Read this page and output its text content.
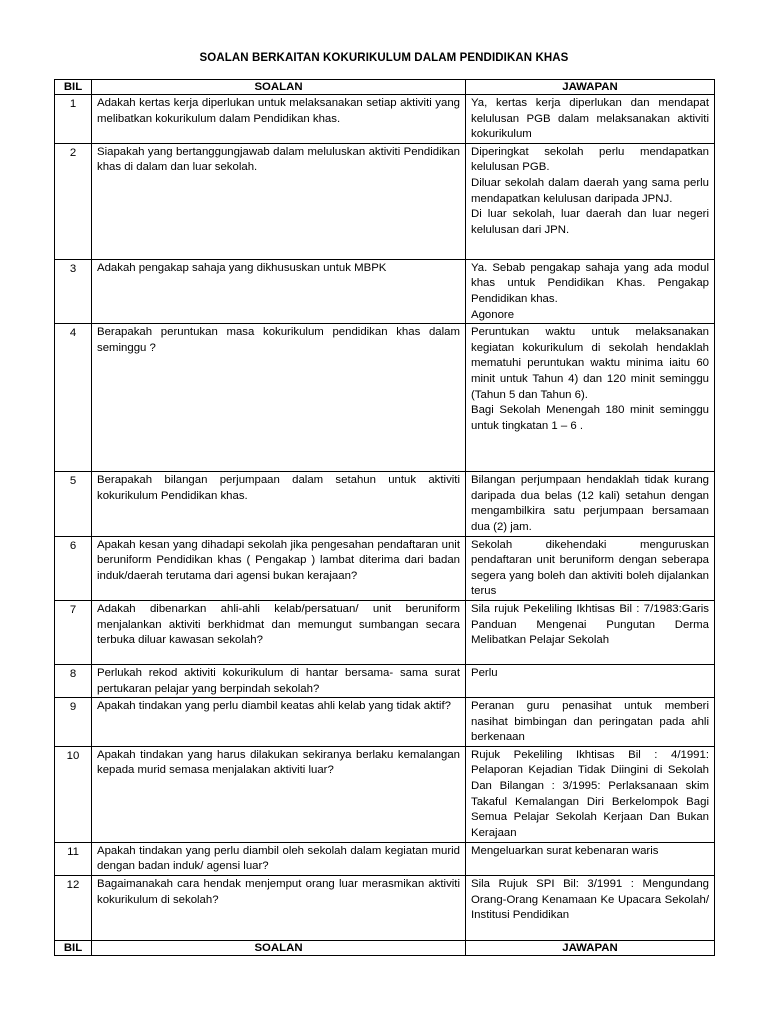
SOALAN BERKAITAN KOKURIKULUM DALAM PENDIDIKAN KHAS
BIL	SOALAN	JAWAPAN
1	Adakah kertas kerja diperlukan untuk melaksanakan setiap aktiviti yang melibatkan kokurikulum dalam Pendidikan khas.	Ya, kertas kerja diperlukan dan mendapat kelulusan PGB dalam melaksanakan aktiviti kokurikulum

2	Siapakah yang bertanggungjawab dalam meluluskan aktiviti Pendidikan khas di dalam dan luar sekolah.	Diperingkat sekolah perlu mendapatkan kelulusan PGB.
Diluar sekolah dalam daerah yang sama perlu mendapatkan kelulusan daripada JPNJ.
Di luar sekolah, luar daerah dan luar negeri kelulusan dari JPN.

3	Adakah pengakap sahaja yang dikhususkan untuk MBPK	Ya. Sebab pengakap sahaja yang ada modul khas untuk Pendidikan Khas. Pengakap Pendidikan khas.
Agonore

4	Berapakah peruntukan masa kokurikulum pendidikan khas dalam seminggu ?	Peruntukan waktu untuk melaksanakan kegiatan kokurikulum di sekolah hendaklah mematuhi peruntukan waktu minima iaitu 60 minit untuk Tahun 4) dan 120 minit seminggu (Tahun 5 dan Tahun 6).
Bagi Sekolah Menengah 180 minit seminggu untuk tingkatan 1 – 6 .

5	Berapakah bilangan perjumpaan dalam setahun untuk aktiviti kokurikulum Pendidikan khas.	Bilangan perjumpaan hendaklah tidak kurang daripada dua belas (12 kali) setahun dengan mengambilkira satu perjumpaan bersamaan dua (2) jam.

6	Apakah kesan yang dihadapi sekolah jika pengesahan pendaftaran unit beruniform Pendidikan khas ( Pengakap ) lambat diterima dari badan induk/daerah terutama dari agensi bukan kerajaan?	Sekolah dikehendaki menguruskan pendaftaran unit beruniform dengan seberapa segera yang boleh dan aktiviti boleh dijalankan terus

7	Adakah dibenarkan ahli-ahli kelab/persatuan/ unit beruniform menjalankan aktiviti berkhidmat dan memungut sumbangan secara terbuka diluar kawasan sekolah?	Sila rujuk Pekeliling Ikhtisas Bil : 7/1983:Garis Panduan Mengenai Pungutan Derma Melibatkan Pelajar Sekolah

8	Perlukah rekod aktiviti kokurikulum di hantar bersama- sama surat pertukaran pelajar yang berpindah sekolah?	Perlu

9	Apakah tindakan yang perlu diambil keatas ahli kelab yang tidak aktif?	Peranan guru penasihat untuk memberi nasihat bimbingan dan peringatan pada ahli berkenaan

10	Apakah tindakan yang harus dilakukan sekiranya berlaku kemalangan kepada murid semasa menjalakan aktiviti luar?	Rujuk Pekeliling Ikhtisas Bil : 4/1991: Pelaporan Kejadian Tidak Diingini di Sekolah Dan Bilangan : 3/1995: Perlaksanaan skim Takaful Kemalangan Diri Berkelompok Bagi Semua Pelajar Sekolah Kerjaan Dan Bukan Kerajaan

11	Apakah tindakan yang perlu diambil oleh sekolah dalam kegiatan murid dengan badan induk/ agensi luar?	Mengeluarkan surat kebenaran waris

12	Bagaimanakah cara hendak menjemput orang luar merasmikan aktiviti kokurikulum di sekolah?	Sila Rujuk SPI Bil: 3/1991 : Mengundang Orang-Orang Kenamaan Ke Upacara Sekolah/ Institusi Pendidikan

BIL	SOALAN	JAWAPAN
